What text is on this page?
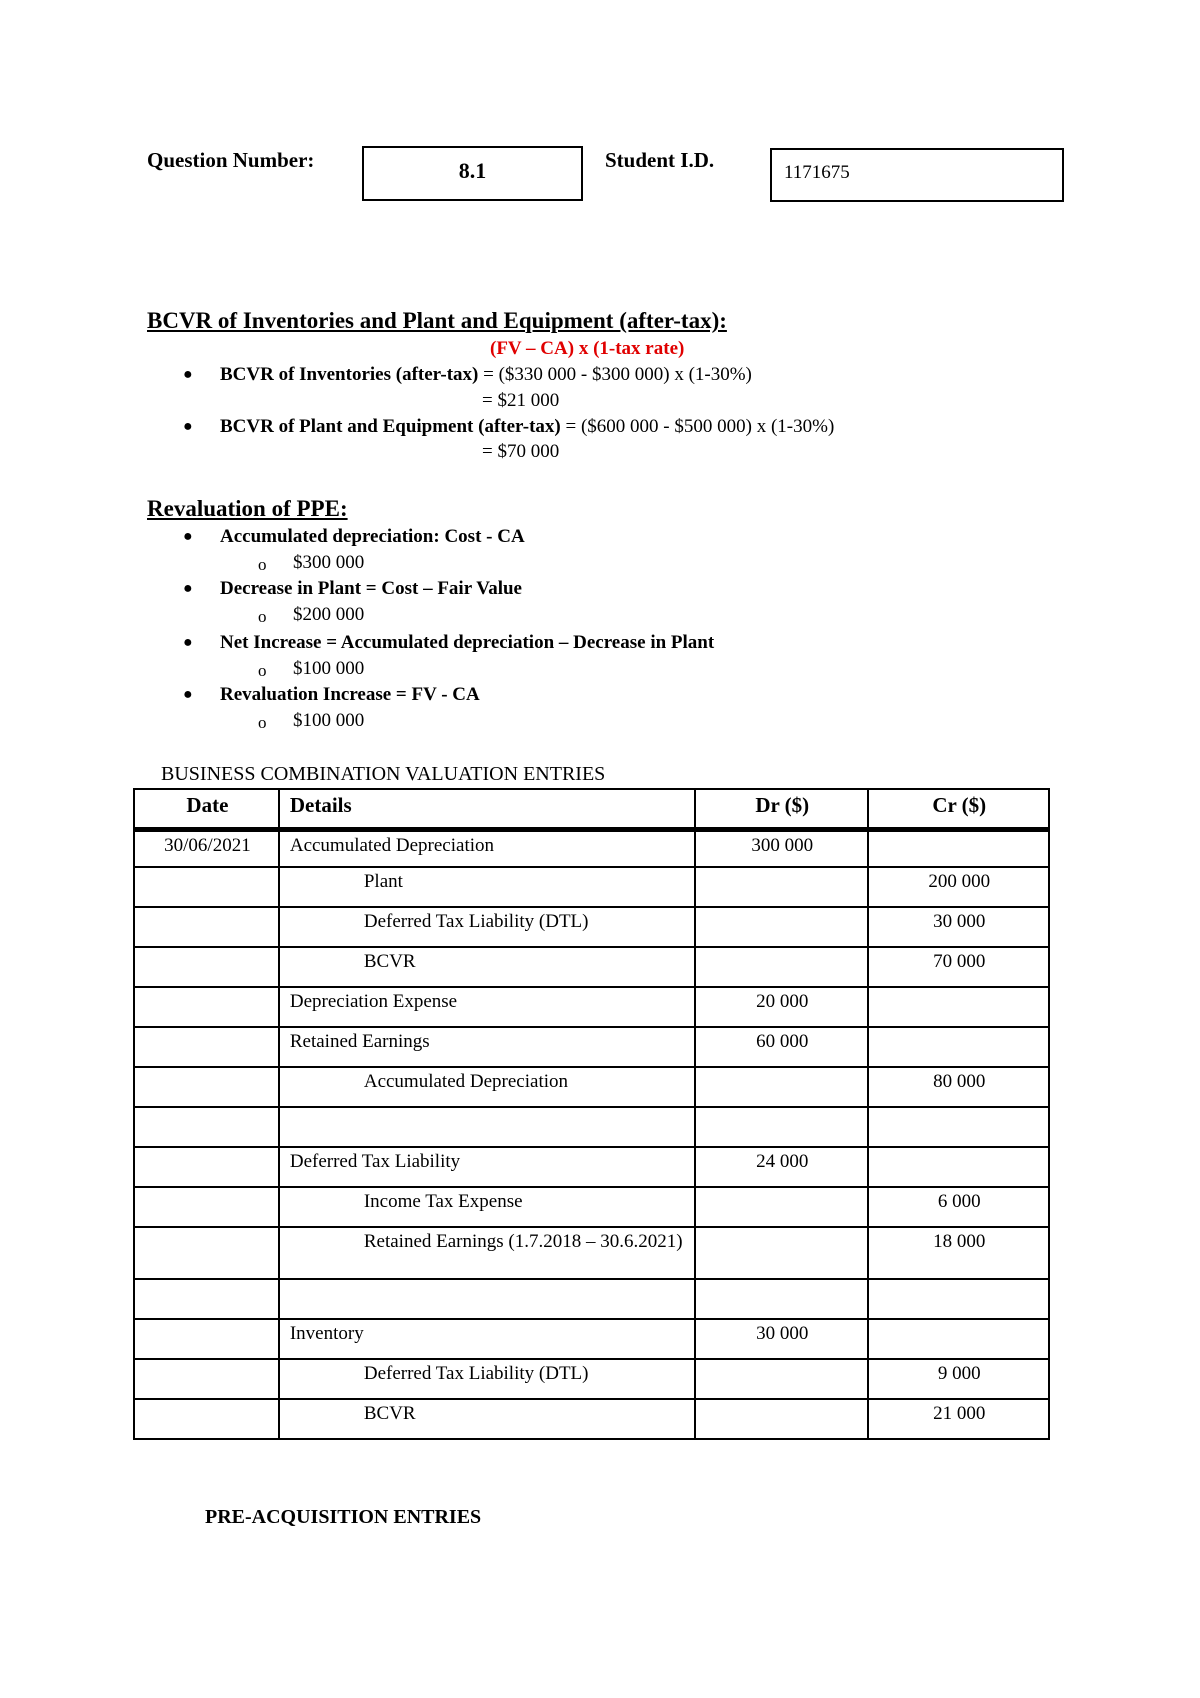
Question Number:	8.1	Student I.D.
1171675
BCVR of Inventories and Plant and Equipment (after-tax):
(FV – CA) x (1-tax rate)
● BCVR of Inventories (after-tax) = ($330 000 - $300 000) x (1-30%)
= $21 000
● BCVR of Plant and Equipment (after-tax) = ($600 000 - $500 000) x (1-30%)
= $70 000
Revaluation of PPE:
● Accumulated depreciation: Cost - CA
o $300 000
● Decrease in Plant = Cost – Fair Value
o $200 000
● Net Increase = Accumulated depreciation – Decrease in Plant
o $100 000
● Revaluation Increase = FV - CA
o $100 000
BUSINESS COMBINATION VALUATION ENTRIES
Date	Details	Dr ($)	Cr ($)
30/06/2021	Accumulated Depreciation	300 000	
	Plant		200 000
	Deferred Tax Liability (DTL)		30 000
	BCVR		70 000
	Depreciation Expense	20 000	
	Retained Earnings	60 000	
	Accumulated Depreciation		80 000

	Deferred Tax Liability	24 000	
	Income Tax Expense		6 000
	Retained Earnings (1.7.2018 – 30.6.2021)		18 000

	Inventory	30 000	
	Deferred Tax Liability (DTL)		9 000
	BCVR		21 000
PRE-ACQUISITION ENTRIES
